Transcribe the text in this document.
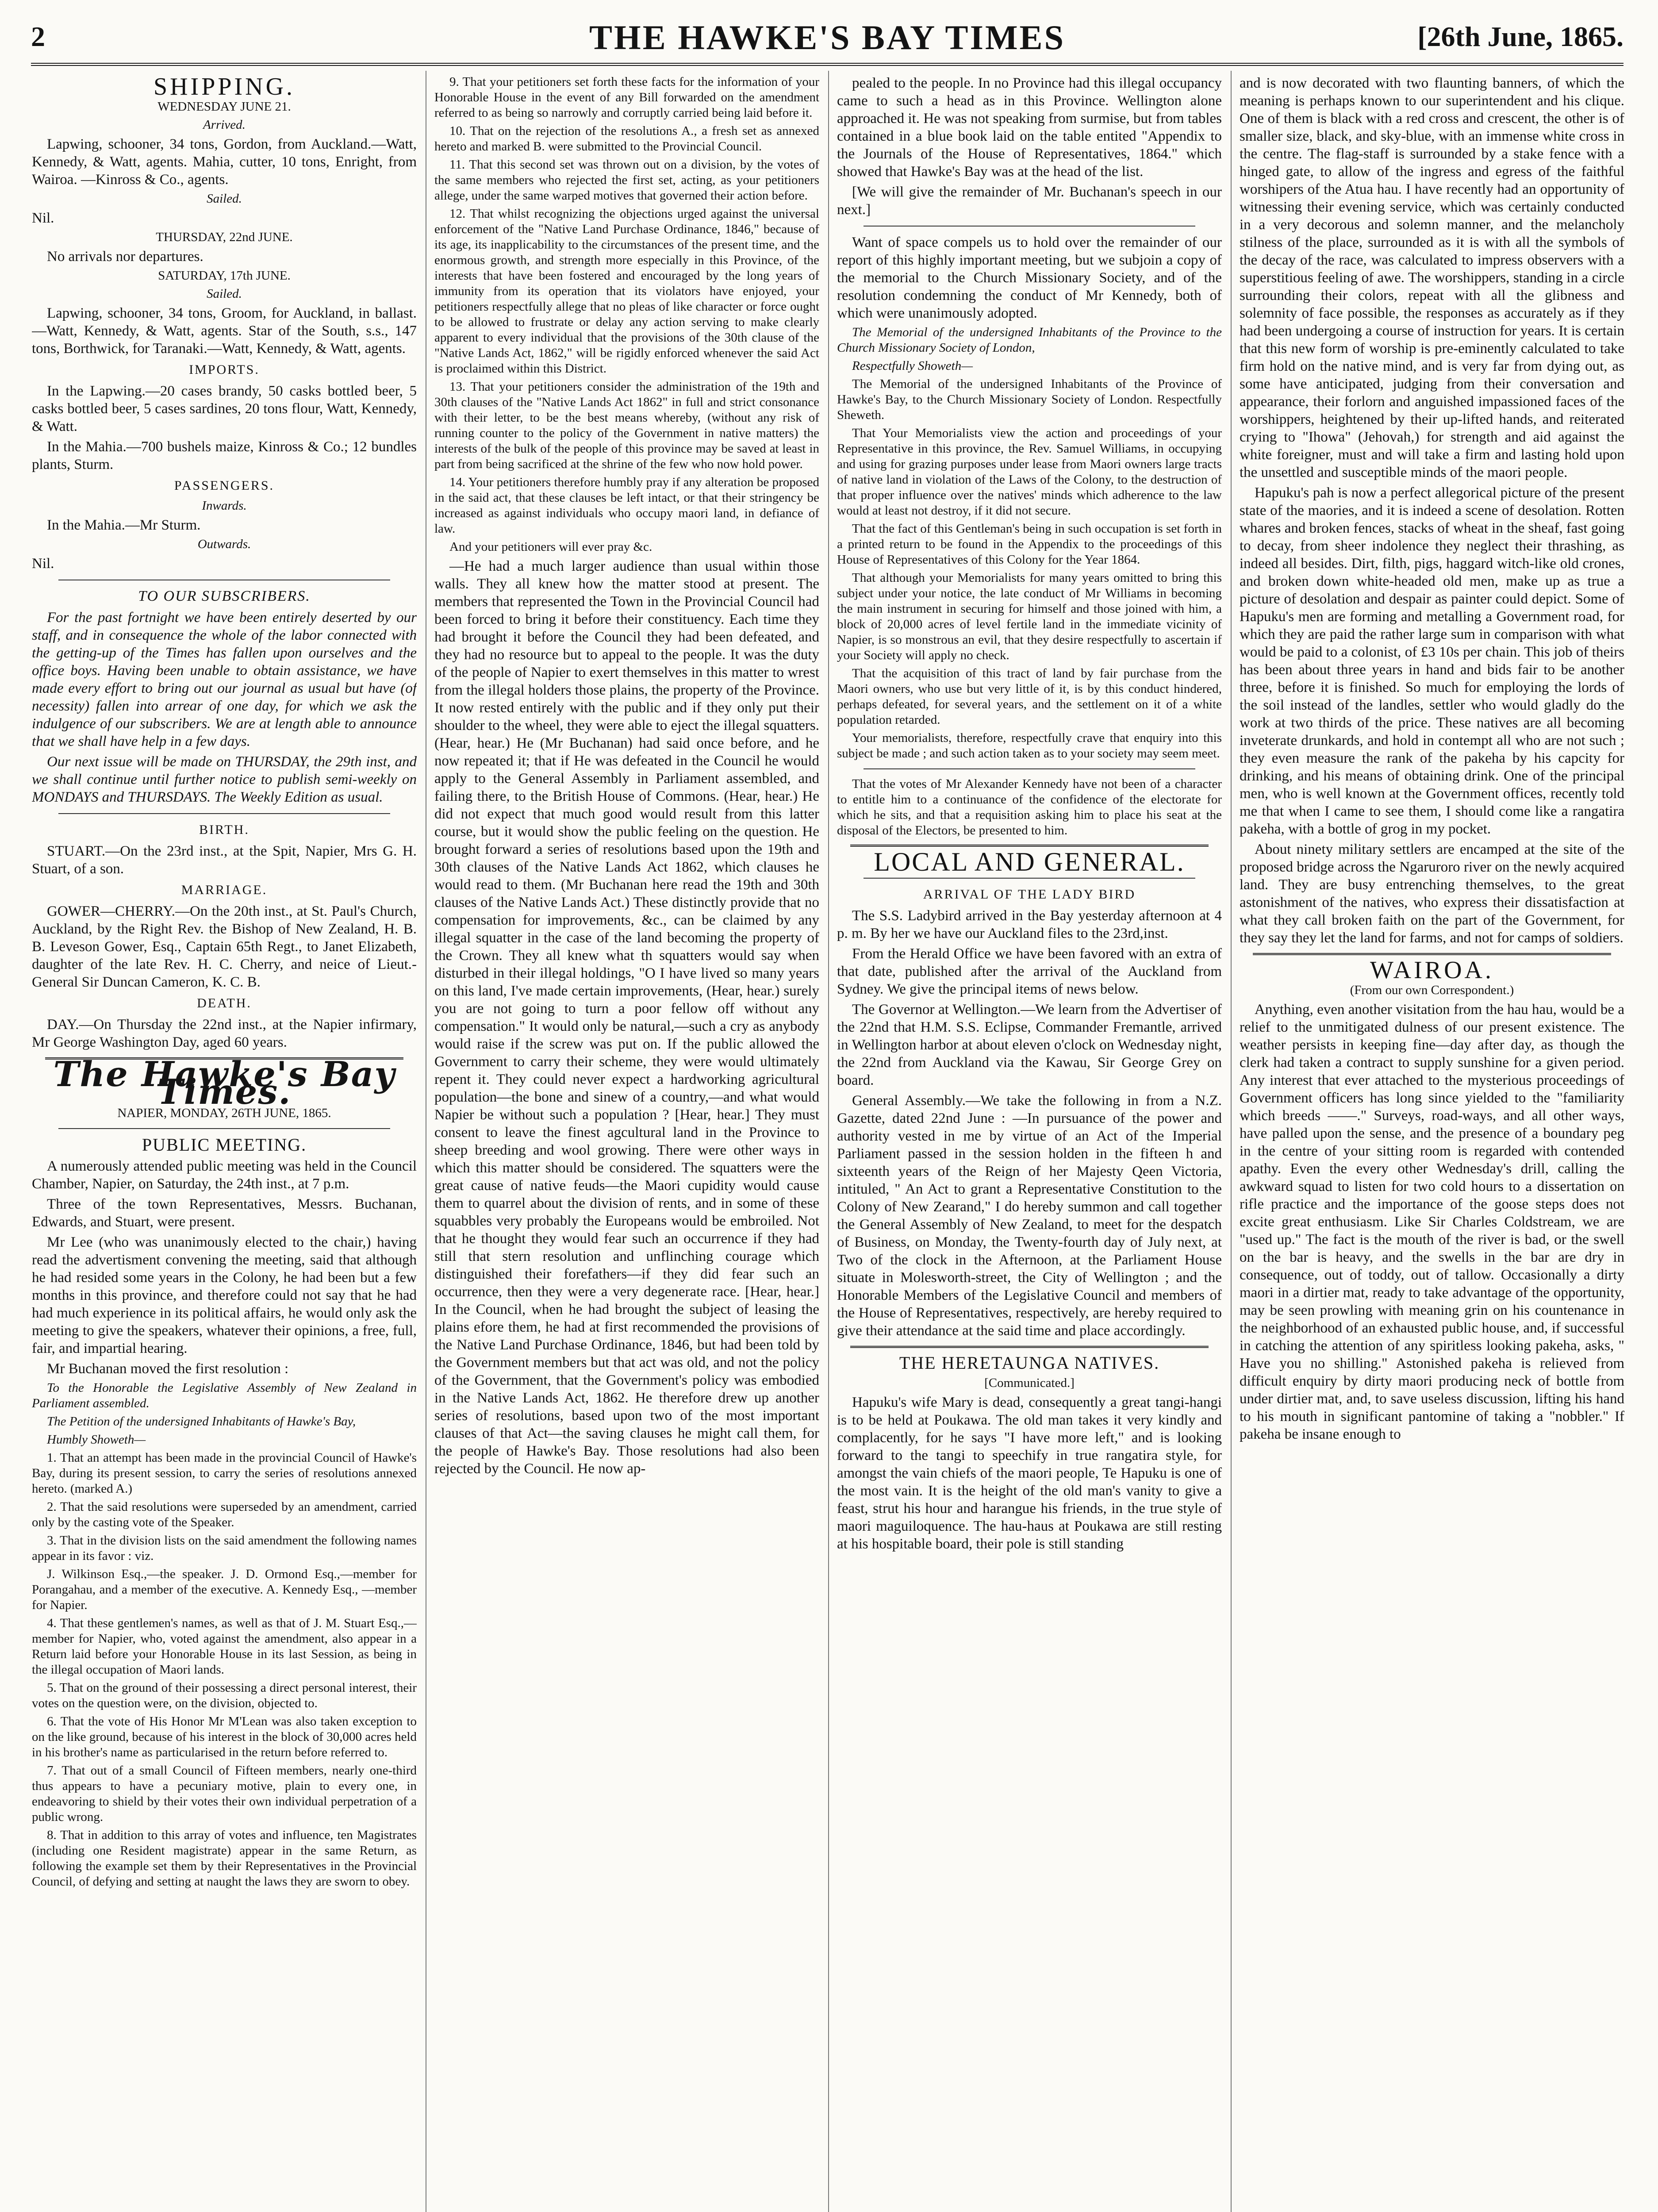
2	THE HAWKE'S BAY TIMES	[26th June, 1865.
SHIPPING.

WEDNESDAY JUNE 21.

Arrived.

Lapwing, schooner, 34 tons, Gordon, from Auckland.—Watt, Kennedy, & Watt, agents. Mahia, cutter, 10 tons, Enright, from Wairoa. —Kinross & Co., agents.

Sailed.

Nil.

THURSDAY, 22nd JUNE.

No arrivals nor departures.

SATURDAY, 17th JUNE.

Sailed.

Lapwing, schooner, 34 tons, Groom, for Auckland, in ballast.—Watt, Kennedy, & Watt, agents. Star of the South, s.s., 147 tons, Borthwick, for Taranaki.—Watt, Kennedy, & Watt, agents.

IMPORTS.

In the Lapwing.—20 cases brandy, 50 casks bottled beer, 5 casks bottled beer, 5 cases sardines, 20 tons flour, Watt, Kennedy, & Watt.

In the Mahia.—700 bushels maize, Kinross & Co.; 12 bundles plants, Sturm.

PASSENGERS.

Inwards.

In the Mahia.—Mr Sturm.

Outwards.

Nil.

TO OUR SUBSCRIBERS.

For the past fortnight we have been entirely deserted by our staff, and in consequence the whole of the labor connected with the getting-up of the Times has fallen upon ourselves and the office boys. Having been unable to obtain assistance, we have made every effort to bring out our journal as usual but have (of necessity) fallen into arrear of one day, for which we ask the indulgence of our subscribers. We are at length able to announce that we shall have help in a few days.

Our next issue will be made on THURSDAY, the 29th inst, and we shall continue until further notice to publish semi-weekly on MONDAYS and THURSDAYS. The Weekly Edition as usual.

BIRTH.

STUART.—On the 23rd inst., at the Spit, Napier, Mrs G. H. Stuart, of a son.

MARRIAGE.

GOWER—CHERRY.—On the 20th inst., at St. Paul's Church, Auckland, by the Right Rev. the Bishop of New Zealand, H. B. B. Leveson Gower, Esq., Captain 65th Regt., to Janet Elizabeth, daughter of the late Rev. H. C. Cherry, and neice of Lieut.-General Sir Duncan Cameron, K. C. B.

DEATH.

DAY.—On Thursday the 22nd inst., at the Napier infirmary, Mr George Washington Day, aged 60 years.

The Hawke's Bay Times.

NAPIER, MONDAY, 26TH JUNE, 1865.

PUBLIC MEETING.

A numerously attended public meeting was held in the Council Chamber, Napier, on Saturday, the 24th inst., at 7 p.m.

Three of the town Representatives, Messrs. Buchanan, Edwards, and Stuart, were present.

Mr Lee (who was unanimously elected to the chair,) having read the advertisment convening the meeting, said that although he had resided some years in the Colony, he had been but a few months in this province, and therefore could not say that he had had much experience in its political affairs, he would only ask the meeting to give the speakers, whatever their opinions, a free, full, fair, and impartial hearing.

Mr Buchanan moved the first resolution :

To the Honorable the Legislative Assembly of New Zealand in Parliament assembled.

The Petition of the undersigned Inhabitants of Hawke's Bay,

Humbly Showeth—

1. That an attempt has been made in the provincial Council of Hawke's Bay, during its present session, to carry the series of resolutions annexed hereto. (marked A.)

2. That the said resolutions were superseded by an amendment, carried only by the casting vote of the Speaker.

3. That in the division lists on the said amendment the following names appear in its favor : viz.

J. Wilkinson Esq.,—the speaker. J. D. Ormond Esq.,—member for Porangahau, and a member of the executive. A. Kennedy Esq., —member for Napier.

4. That these gentlemen's names, as well as that of J. M. Stuart Esq.,—member for Napier, who, voted against the amendment, also appear in a Return laid before your Honorable House in its last Session, as being in the illegal occupation of Maori lands.

5. That on the ground of their possessing a direct personal interest, their votes on the question were, on the division, objected to.

6. That the vote of His Honor Mr M'Lean was also taken exception to on the like ground, because of his interest in the block of 30,000 acres held in his brother's name as particularised in the return before referred to.

7. That out of a small Council of Fifteen members, nearly one-third thus appears to have a pecuniary motive, plain to every one, in endeavoring to shield by their votes their own individual perpetration of a public wrong.

8. That in addition to this array of votes and influence, ten Magistrates (including one Resident magistrate) appear in the same Return, as following the example set them by their Representatives in the Provincial Council, of defying and setting at naught the laws they are sworn to obey.

9. That your petitioners set forth these facts for the information of your Honorable House in the event of any Bill forwarded on the amendment referred to as being so narrowly and corruptly carried being laid before it.

10. That on the rejection of the resolutions A., a fresh set as annexed hereto and marked B. were submitted to the Provincial Council.

11. That this second set was thrown out on a division, by the votes of the same members who rejected the first set, acting, as your petitioners allege, under the same warped motives that governed their action before.

12. That whilst recognizing the objections urged against the universal enforcement of the "Native Land Purchase Ordinance, 1846," because of its age, its inapplicability to the circumstances of the present time, and the enormous growth, and strength more especially in this Province, of the interests that have been fostered and encouraged by the long years of immunity from its operation that its violators have enjoyed, your petitioners respectfully allege that no pleas of like character or force ought to be allowed to frustrate or delay any action serving to make clearly apparent to every individual that the provisions of the 30th clause of the "Native Lands Act, 1862," will be rigidly enforced whenever the said Act is proclaimed within this District.

13. That your petitioners consider the administration of the 19th and 30th clauses of the "Native Lands Act 1862" in full and strict consonance with their letter, to be the best means whereby, (without any risk of running counter to the policy of the Government in native matters) the interests of the bulk of the people of this province may be saved at least in part from being sacrificed at the shrine of the few who now hold power.

14. Your petitioners therefore humbly pray if any alteration be proposed in the said act, that these clauses be left intact, or that their stringency be increased as against individuals who occupy maori land, in defiance of law.

And your petitioners will ever pray &c.

—He had a much larger audience than usual within those walls. They all knew how the matter stood at present. The members that represented the Town in the Provincial Council had been forced to bring it before their constituency. Each time they had brought it before the Council they had been defeated, and they had no resource but to appeal to the people. It was the duty of the people of Napier to exert themselves in this matter to wrest from the illegal holders those plains, the property of the Province. It now rested entirely with the public and if they only put their shoulder to the wheel, they were able to eject the illegal squatters. (Hear, hear.) He (Mr Buchanan) had said once before, and he now repeated it; that if He was defeated in the Council he would apply to the General Assembly in Parliament assembled, and failing there, to the British House of Commons. (Hear, hear.) He did not expect that much good would result from this latter course, but it would show the public feeling on the question. He brought forward a series of resolutions based upon the 19th and 30th clauses of the Native Lands Act 1862, which clauses he would read to them. (Mr Buchanan here read the 19th and 30th clauses of the Native Lands Act.) These distinctly provide that no compensation for improvements, &c., can be claimed by any illegal squatter in the case of the land becoming the property of the Crown. They all knew what th squatters would say when disturbed in their illegal holdings, "O I have lived so many years on this land, I've made certain improvements, (Hear, hear.) surely you are not going to turn a poor fellow off without any compensation." It would only be natural,—such a cry as anybody would raise if the screw was put on. If the public allowed the Government to carry their scheme, they were would ultimately repent it. They could never expect a hardworking agricultural population—the bone and sinew of a country,—and what would Napier be without such a population ? [Hear, hear.] They must consent to leave the finest agcultural land in the Province to sheep breeding and wool growing. There were other ways in which this matter should be considered. The squatters were the great cause of native feuds—the Maori cupidity would cause them to quarrel about the division of rents, and in some of these squabbles very probably the Europeans would be embroiled. Not that he thought they would fear such an occurrence if they had still that stern resolution and unflinching courage which distinguished their forefathers—if they did fear such an occurrence, then they were a very degenerate race. [Hear, hear.] In the Council, when he had brought the subject of leasing the plains efore them, he had at first recommended the provisions of the Native Land Purchase Ordinance, 1846, but had been told by the Government members but that act was old, and not the policy of the Government, that the Government's policy was embodied in the Native Lands Act, 1862. He therefore drew up another series of resolutions, based upon two of the most important clauses of that Act—the saving clauses he might call them, for the people of Hawke's Bay. Those resolutions had also been rejected by the Council. He now ap-

pealed to the people. In no Province had this illegal occupancy came to such a head as in this Province. Wellington alone approached it. He was not speaking from surmise, but from tables contained in a blue book laid on the table entited "Appendix to the Journals of the House of Representatives, 1864." which showed that Hawke's Bay was at the head of the list.

[We will give the remainder of Mr. Buchanan's speech in our next.]

Want of space compels us to hold over the remainder of our report of this highly important meeting, but we subjoin a copy of the memorial to the Church Missionary Society, and of the resolution condemning the conduct of Mr Kennedy, both of which were unanimously adopted.

The Memorial of the undersigned Inhabitants of the Province to the Church Missionary Society of London,

Respectfully Showeth—

The Memorial of the undersigned Inhabitants of the Province of Hawke's Bay, to the Church Missionary Society of London. Respectfully Sheweth.

That Your Memorialists view the action and proceedings of your Representative in this province, the Rev. Samuel Williams, in occupying and using for grazing purposes under lease from Maori owners large tracts of native land in violation of the Laws of the Colony, to the destruction of that proper influence over the natives' minds which adherence to the law would at least not destroy, if it did not secure.

That the fact of this Gentleman's being in such occupation is set forth in a printed return to be found in the Appendix to the proceedings of this House of Representatives of this Colony for the Year 1864.

That although your Memorialists for many years omitted to bring this subject under your notice, the late conduct of Mr Williams in becoming the main instrument in securing for himself and those joined with him, a block of 20,000 acres of level fertile land in the immediate vicinity of Napier, is so monstrous an evil, that they desire respectfully to ascertain if your Society will apply no check.

That the acquisition of this tract of land by fair purchase from the Maori owners, who use but very little of it, is by this conduct hindered, perhaps defeated, for several years, and the settlement on it of a white population retarded.

Your memorialists, therefore, respectfully crave that enquiry into this subject be made ; and such action taken as to your society may seem meet.

That the votes of Mr Alexander Kennedy have not been of a character to entitle him to a continuance of the confidence of the electorate for which he sits, and that a requisition asking him to place his seat at the disposal of the Electors, be presented to him.

LOCAL AND GENERAL.
ARRIVAL OF THE LADY BIRD

The S.S. Ladybird arrived in the Bay yesterday afternoon at 4 p. m. By her we have our Auckland files to the 23rd,inst.

From the Herald Office we have been favored with an extra of that date, published after the arrival of the Auckland from Sydney. We give the principal items of news below.

The Governor at Wellington.—We learn from the Advertiser of the 22nd that H.M. S.S. Eclipse, Commander Fremantle, arrived in Wellington harbor at about eleven o'clock on Wednesday night, the 22nd from Auckland via the Kawau, Sir George Grey on board.

General Assembly.—We take the following in from a N.Z. Gazette, dated 22nd June : —In pursuance of the power and authority vested in me by virtue of an Act of the Imperial Parliament passed in the session holden in the fifteen h and sixteenth years of the Reign of her Majesty Qeen Victoria, intituled, " An Act to grant a Representative Constitution to the Colony of New Zearand," I do hereby summon and call together the General Assembly of New Zealand, to meet for the despatch of Business, on Monday, the Twenty-fourth day of July next, at Two of the clock in the Afternoon, at the Parliament House situate in Molesworth-street, the City of Wellington ; and the Honorable Members of the Legislative Council and members of the House of Representatives, respectively, are hereby required to give their attendance at the said time and place accordingly.

THE HERETAUNGA NATIVES.

[Communicated.]

Hapuku's wife Mary is dead, consequently a great tangi-hangi is to be held at Poukawa. The old man takes it very kindly and complacently, for he says "I have more left," and is looking forward to the tangi to speechify in true rangatira style, for amongst the vain chiefs of the maori people, Te Hapuku is one of the most vain. It is the height of the old man's vanity to give a feast, strut his hour and harangue his friends, in the true style of maori maguiloquence. The hau-haus at Poukawa are still resting at his hospitable board, their pole is still standing

and is now decorated with two flaunting banners, of which the meaning is perhaps known to our superintendent and his clique. One of them is black with a red cross and crescent, the other is of smaller size, black, and sky-blue, with an immense white cross in the centre. The flag-staff is surrounded by a stake fence with a hinged gate, to allow of the ingress and egress of the faithful worshipers of the Atua hau. I have recently had an opportunity of witnessing their evening service, which was certainly conducted in a very decorous and solemn manner, and the melancholy stilness of the place, surrounded as it is with all the symbols of the decay of the race, was calculated to impress observers with a superstitious feeling of awe. The worshippers, standing in a circle surrounding their colors, repeat with all the glibness and solemnity of face possible, the responses as accurately as if they had been undergoing a course of instruction for years. It is certain that this new form of worship is pre-eminently calculated to take firm hold on the native mind, and is very far from dying out, as some have anticipated, judging from their conversation and appearance, their forlorn and anguished impassioned faces of the worshippers, heightened by their up-lifted hands, and reiterated crying to "Ihowa" (Jehovah,) for strength and aid against the white foreigner, must and will take a firm and lasting hold upon the unsettled and susceptible minds of the maori people.

Hapuku's pah is now a perfect allegorical picture of the present state of the maories, and it is indeed a scene of desolation. Rotten whares and broken fences, stacks of wheat in the sheaf, fast going to decay, from sheer indolence they neglect their thrashing, as indeed all besides. Dirt, filth, pigs, haggard witch-like old crones, and broken down white-headed old men, make up as true a picture of desolation and despair as painter could depict. Some of Hapuku's men are forming and metalling a Government road, for which they are paid the rather large sum in comparison with what would be paid to a colonist, of £3 10s per chain. This job of theirs has been about three years in hand and bids fair to be another three, before it is finished. So much for employing the lords of the soil instead of the landles, settler who would gladly do the work at two thirds of the price. These natives are all becoming inveterate drunkards, and hold in contempt all who are not such ; they even measure the rank of the pakeha by his capcity for drinking, and his means of obtaining drink. One of the principal men, who is well known at the Government offices, recently told me that when I came to see them, I should come like a rangatira pakeha, with a bottle of grog in my pocket.

About ninety military settlers are encamped at the site of the proposed bridge across the Ngaruroro river on the newly acquired land. They are busy entrenching themselves, to the great astonishment of the natives, who express their dissatisfaction at what they call broken faith on the part of the Government, for they say they let the land for farms, and not for camps of soldiers.

WAIROA.

(From our own Correspondent.)

Anything, even another visitation from the hau hau, would be a relief to the unmitigated dulness of our present existence. The weather persists in keeping fine—day after day, as though the clerk had taken a contract to supply sunshine for a given period. Any interest that ever attached to the mysterious proceedings of Government officers has long since yielded to the "familiarity which breeds ——." Surveys, road-ways, and all other ways, have palled upon the sense, and the presence of a boundary peg in the centre of your sitting room is regarded with contended apathy. Even the every other Wednesday's drill, calling the awkward squad to listen for two cold hours to a dissertation on rifle practice and the importance of the goose steps does not excite great enthusiasm. Like Sir Charles Coldstream, we are "used up." The fact is the mouth of the river is bad, or the swell on the bar is heavy, and the swells in the bar are dry in consequence, out of toddy, out of tallow. Occasionally a dirty maori in a dirtier mat, ready to take advantage of the opportunity, may be seen prowling with meaning grin on his countenance in the neighborhood of an exhausted public house, and, if successful in catching the attention of any spiritless looking pakeha, asks, " Have you no shilling." Astonished pakeha is relieved from difficult enquiry by dirty maori producing neck of bottle from under dirtier mat, and, to save useless discussion, lifting his hand to his mouth in significant pantomine of taking a "nobbler." If pakeha be insane enough to
